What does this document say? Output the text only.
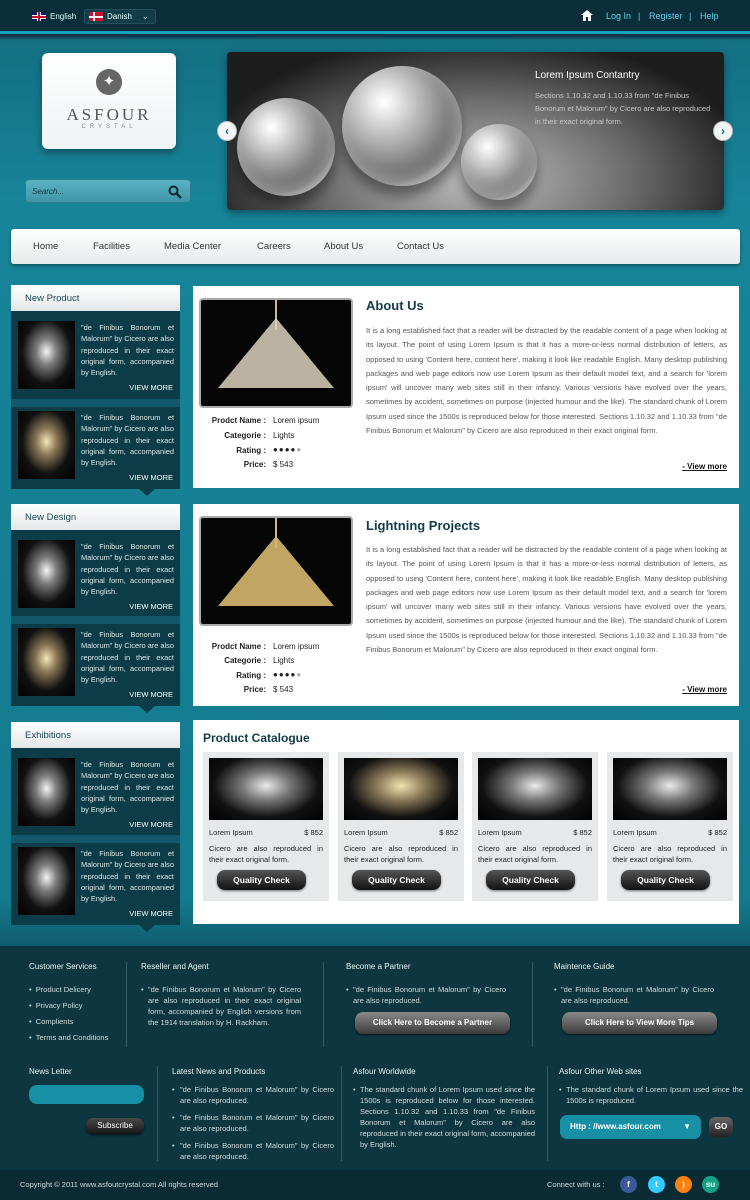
English	Danish ⌄	Log In | Register | Help
✦
ASFOUR
CRYSTAL
Search...
Lorem Ipsum Contantry
Sections 1.10.32 and 1.10.33 from "de Finibus Bonorum et Malorum" by Cicero are also reproduced in their exact original form.
‹	›
Home	Facilities	Media Center	Careers	About Us	Contact Us
New Product
"de Finibus Bonorum et Malorum" by Cicero are also reproduced in their exact original form, accompanied by English.
VIEW MORE
"de Finibus Bonorum et Malorum" by Cicero are also reproduced in their exact original form, accompanied by English.
VIEW MORE
New Design
"de Finibus Bonorum et Malorum" by Cicero are also reproduced in their exact original form, accompanied by English.
VIEW MORE
"de Finibus Bonorum et Malorum" by Cicero are also reproduced in their exact original form, accompanied by English.
VIEW MORE
Exhibitions
"de Finibus Bonorum et Malorum" by Cicero are also reproduced in their exact original form, accompanied by English.
VIEW MORE
"de Finibus Bonorum et Malorum" by Cicero are also reproduced in their exact original form, accompanied by English.
VIEW MORE
Prodct Name : Lorem ipsum
Categorie : Lights
Rating : ●●●●●
Price: $ 543
About Us
It is a long established fact that a reader will be distracted by the readable content of a page when looking at its layout. The point of using Lorem Ipsum is that it has a more-or-less normal distribution of letters, as opposed to using 'Content here, content here', making it look like readable English. Many desktop publishing packages and web page editors now use Lorem Ipsum as their default model text, and a search for 'lorem ipsum' will uncover many web sites still in their infancy. Various versions have evolved over the years, sometimes by accident, sometimes on purpose (injected humour and the like). The standard chunk of Lorem Ipsum used since the 1500s is reproduced below for those interested. Sections 1.10.32 and 1.10.33 from "de Finibus Bonorum et Malorum" by Cicero are also reproduced in their exact original form.
- View more
Prodct Name : Lorem ipsum
Categorie : Lights
Rating : ●●●●●
Price: $ 543
Lightning Projects
It is a long established fact that a reader will be distracted by the readable content of a page when looking at its layout. The point of using Lorem Ipsum is that it has a more-or-less normal distribution of letters, as opposed to using 'Content here, content here', making it look like readable English. Many desktop publishing packages and web page editors now use Lorem Ipsum as their default model text, and a search for 'lorem ipsum' will uncover many web sites still in their infancy. Various versions have evolved over the years, sometimes by accident, sometimes on purpose (injected humour and the like). The standard chunk of Lorem Ipsum used since the 1500s is reproduced below for those interested. Sections 1.10.32 and 1.10.33 from "de Finibus Bonorum et Malorum" by Cicero are also reproduced in their exact original form.
- View more
Product Catalogue
Lorem Ipsum	$ 852
Cicero are also reproduced in their exact original form.
Quality Check
Lorem Ipsum	$ 852
Cicero are also reproduced in their exact original form.
Quality Check
Lorem Ipsum	$ 852
Cicero are also reproduced in their exact original form.
Quality Check
Lorem Ipsum	$ 852
Cicero are also reproduced in their exact original form.
Quality Check
Customer Services
•  Product Delicery
•  Privacy Policy
•  Complients
•  Terms and Conditions
Reseller and Agent
• "de Finibus Bonorum et Malorum" by Cicero are also reproduced in their exact original form, accompanied by English versions from the 1914 translation by H. Rackham.
Become a Partner
• "de Finibus Bonorum et Malorum" by Cicero are also reproduced.
Click Here to Become a Partner
Maintence Guide
• "de Finibus Bonorum et Malorum" by Cicero are also reproduced.
Click Here to View More Tips
News Letter
Subscribe
Latest News and Products
• "de Finibus Bonorum et Malorum" by Cicero are also reproduced.
• "de Finibus Bonorum et Malorum" by Cicero are also reproduced.
• "de Finibus Bonorum et Malorum" by Cicero are also reproduced.
Asfour Worldwide
• The standard chunk of Lorem Ipsum used since the 1500s is reproduced below for those interested. Sections 1.10.32 and 1.10.33 from "de Finibus Bonorum et Malorum" by Cicero are also reproduced in their exact original form, accompanied by English.
Asfour Other Web sites
• The standard chunk of Lorem Ipsum used since the 1500s is reproduced.
Http : //www.asfour.com	▼	GO
Copyright © 2011 www.asfoutcrystal.com All rights reserved	Connect with us :	f	t	)	su
